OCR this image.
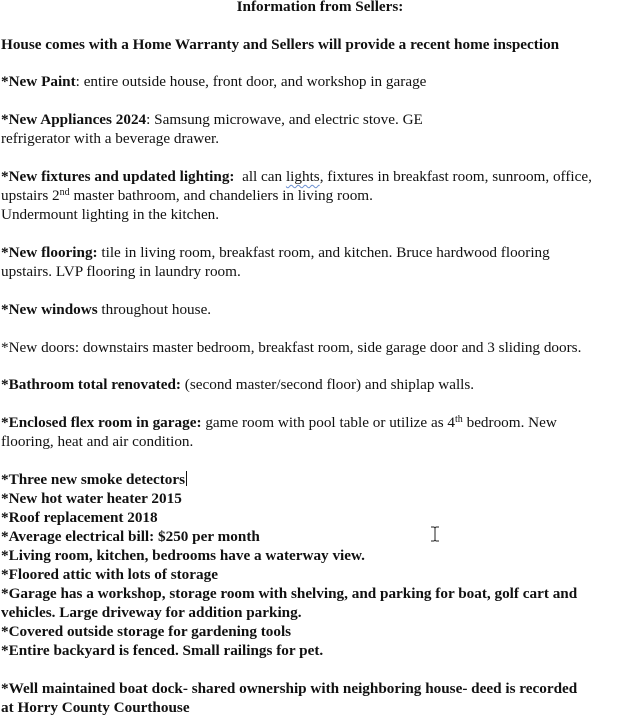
Information from Sellers:
House comes with a Home Warranty and Sellers will provide a recent home inspection
*New Paint: entire outside house, front door, and workshop in garage
*New Appliances 2024: Samsung microwave, and electric stove. GE
refrigerator with a beverage drawer.
*New fixtures and updated lighting:  all can lights, fixtures in breakfast room, sunroom, office,
upstairs 2nd master bathroom, and chandeliers in living room.
Undermount lighting in the kitchen.
*New flooring: tile in living room, breakfast room, and kitchen. Bruce hardwood flooring
upstairs. LVP flooring in laundry room.
*New windows throughout house.
*New doors: downstairs master bedroom, breakfast room, side garage door and 3 sliding doors.
*Bathroom total renovated: (second master/second floor) and shiplap walls.
*Enclosed flex room in garage: game room with pool table or utilize as 4th bedroom. New
flooring, heat and air condition.
*Three new smoke detectors
*New hot water heater 2015
*Roof replacement 2018
*Average electrical bill: $250 per month
*Living room, kitchen, bedrooms have a waterway view.
*Floored attic with lots of storage
*Garage has a workshop, storage room with shelving, and parking for boat, golf cart and
vehicles. Large driveway for addition parking.
*Covered outside storage for gardening tools
*Entire backyard is fenced. Small railings for pet.
*Well maintained boat dock- shared ownership with neighboring house- deed is recorded
at Horry County Courthouse
